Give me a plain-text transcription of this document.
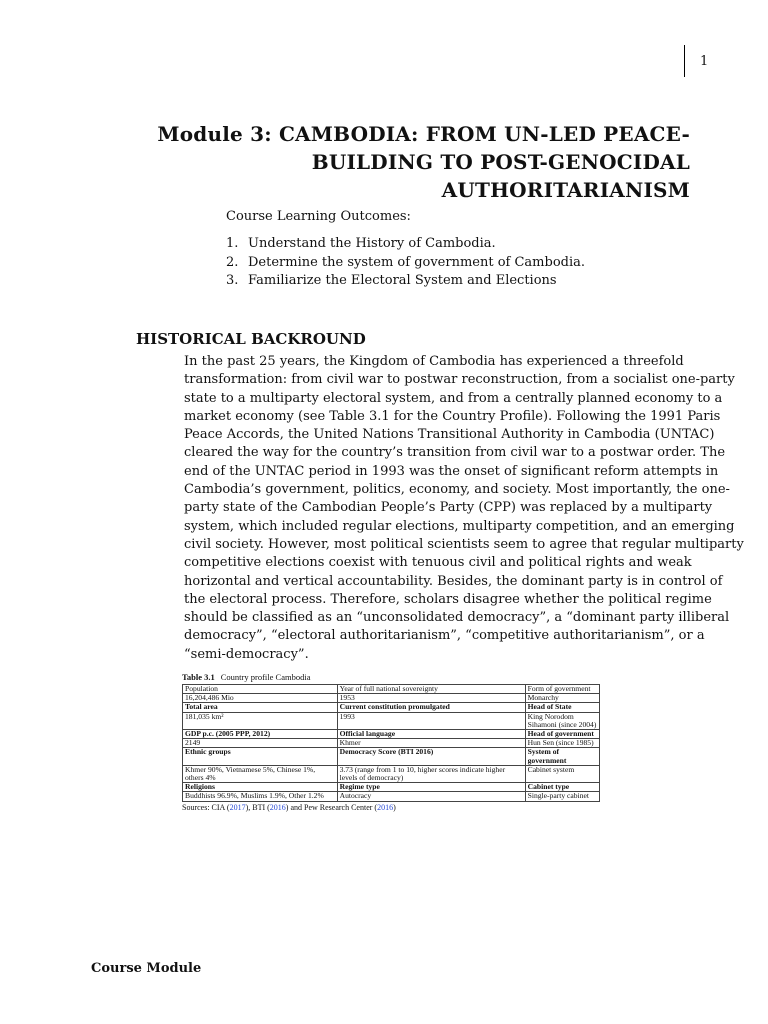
1
Module 3: CAMBODIA: FROM UN-LED PEACE-
BUILDING TO POST-GENOCIDAL
AUTHORITARIANISM
Course Learning Outcomes:
1. Understand the History of Cambodia.
2. Determine the system of government of Cambodia.
3. Familiarize the Electoral System and Elections
HISTORICAL BACKROUND
In the past 25 years, the Kingdom of Cambodia has experienced a threefold
transformation: from civil war to postwar reconstruction, from a socialist one-party
state to a multiparty electoral system, and from a centrally planned economy to a
market economy (see Table 3.1 for the Country Profile). Following the 1991 Paris
Peace Accords, the United Nations Transitional Authority in Cambodia (UNTAC)
cleared the way for the country’s transition from civil war to a postwar order. The
end of the UNTAC period in 1993 was the onset of significant reform attempts in
Cambodia’s government, politics, economy, and society. Most importantly, the one-
party state of the Cambodian People’s Party (CPP) was replaced by a multiparty
system, which included regular elections, multiparty competition, and an emerging
civil society. However, most political scientists seem to agree that regular multiparty
competitive elections coexist with tenuous civil and political rights and weak
horizontal and vertical accountability. Besides, the dominant party is in control of
the electoral process. Therefore, scholars disagree whether the political regime
should be classified as an “unconsolidated democracy”, a “dominant party illiberal
democracy”, “electoral authoritarianism”, “competitive authoritarianism”, or a
“semi-democracy”.
Table 3.1 Country profile Cambodia
Population	Year of full national sovereignty	Form of government
16,204,486 Mio	1953	Monarchy
Total area	Current constitution promulgated	Head of State
181,035 km²	1993	King Norodom Sihamoni (since 2004)
GDP p.c. (2005 PPP, 2012)	Official language	Head of government
2149	Khmer	Hun Sen (since 1985)
Ethnic groups	Democracy Score (BTI 2016)	System of government
Khmer 90%, Vietnamese 5%, Chinese 1%, others 4%	3.73 (range from 1 to 10, higher scores indicate higher levels of democracy)	Cabinet system
Religions	Regime type	Cabinet type
Buddhists 96.9%, Muslims 1.9%, Other 1.2%	Autocracy	Single-party cabinet
Sources: CIA (2017), BTI (2016) and Pew Research Center (2016)
Course Module
